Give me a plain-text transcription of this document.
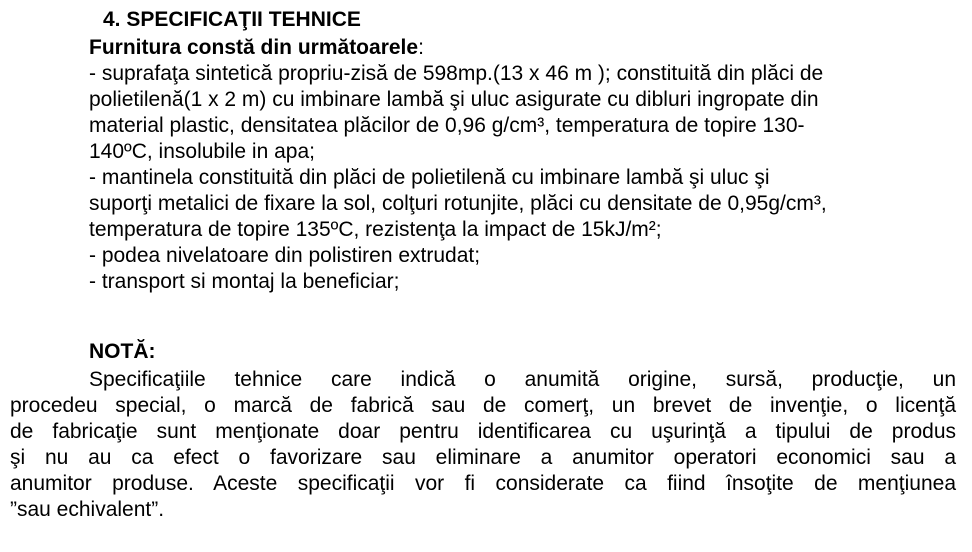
4. SPECIFICAŢII TEHNICE
Furnitura constă din următoarele:
- suprafaţa sintetică propriu-zisă de 598mp.(13 x 46 m ); constituită din plăci de
polietilenă(1 x 2 m) cu imbinare lambă şi uluc asigurate cu dibluri ingropate din
material plastic, densitatea plăcilor de 0,96 g/cm³, temperatura de topire 130-
140ºC, insolubile in apa;
- mantinela constituită din plăci de polietilenă cu imbinare lambă şi uluc şi
suporţi metalici de fixare la sol, colţuri rotunjite, plăci cu densitate de 0,95g/cm³,
temperatura de topire 135ºC, rezistenţa la impact de 15kJ/m²;
- podea nivelatoare din polistiren extrudat;
- transport si montaj la beneficiar;
NOTĂ:
Specificaţiile tehnice care indică o anumită origine, sursă, producţie, un
procedeu special, o marcă de fabrică sau de comerţ, un brevet de invenţie, o licenţă
de fabricaţie sunt menţionate doar pentru identificarea cu uşurinţă a tipului de produs
şi nu au ca efect o favorizare sau eliminare a anumitor operatori economici sau a
anumitor produse. Aceste specificaţii vor fi considerate ca fiind însoţite de menţiunea
”sau echivalent”.
